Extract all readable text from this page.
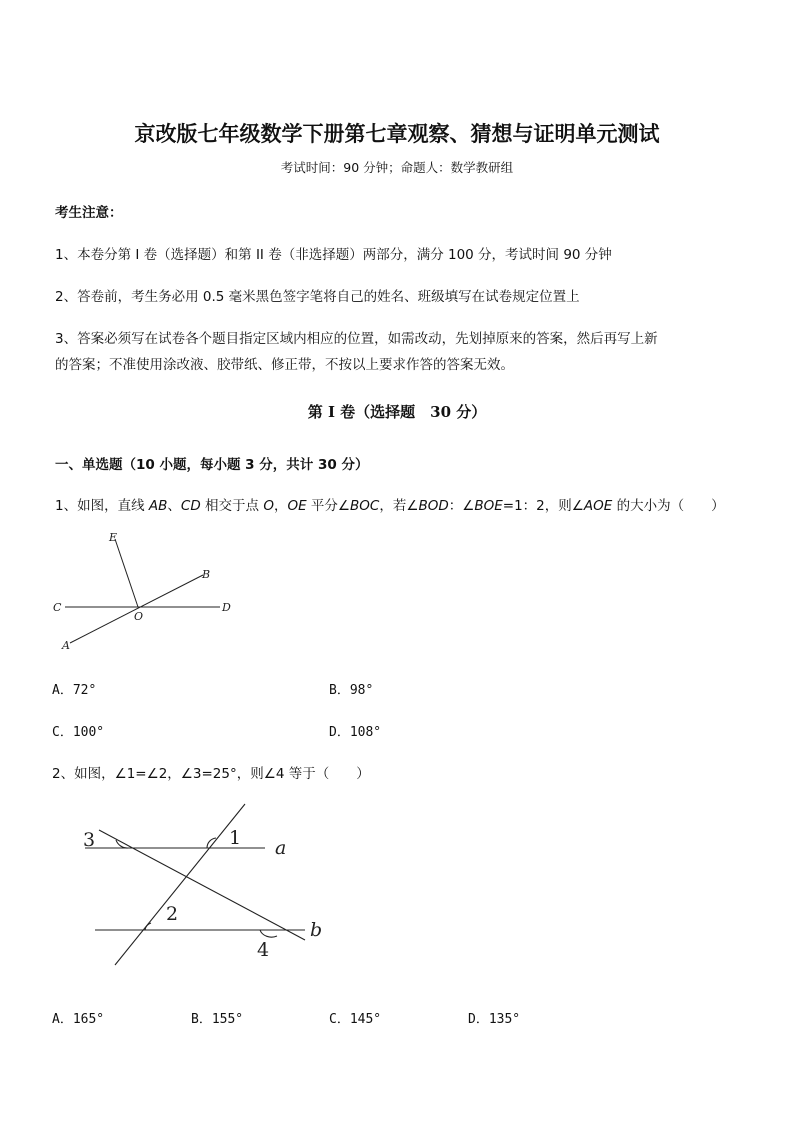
京改版七年级数学下册第七章观察、猜想与证明单元测试
考试时间：90 分钟；命题人：数学教研组
考生注意：
1、本卷分第 I 卷（选择题）和第 II 卷（非选择题）两部分，满分 100 分，考试时间 90 分钟
2、答卷前，考生务必用 0.5 毫米黑色签字笔将自己的姓名、班级填写在试卷规定位置上
3、答案必须写在试卷各个题目指定区域内相应的位置，如需改动，先划掉原来的答案，然后再写上新
的答案；不准使用涂改液、胶带纸、修正带，不按以上要求作答的答案无效。
第 I 卷（选择题　30 分）
一、单选题（10 小题，每小题 3 分，共计 30 分）
1、如图，直线 AB、CD 相交于点 O，OE 平分∠BOC，若∠BOD：∠BOE=1：2，则∠AOE 的大小为（　　）
E
B
C
O
D
A
A．72°	B．98°
C．100°	D．108°
2、如图，∠1=∠2，∠3=25°，则∠4 等于（　　）
3	1
2
4
a
b
A．165°	B．155°	C．145°	D．135°
